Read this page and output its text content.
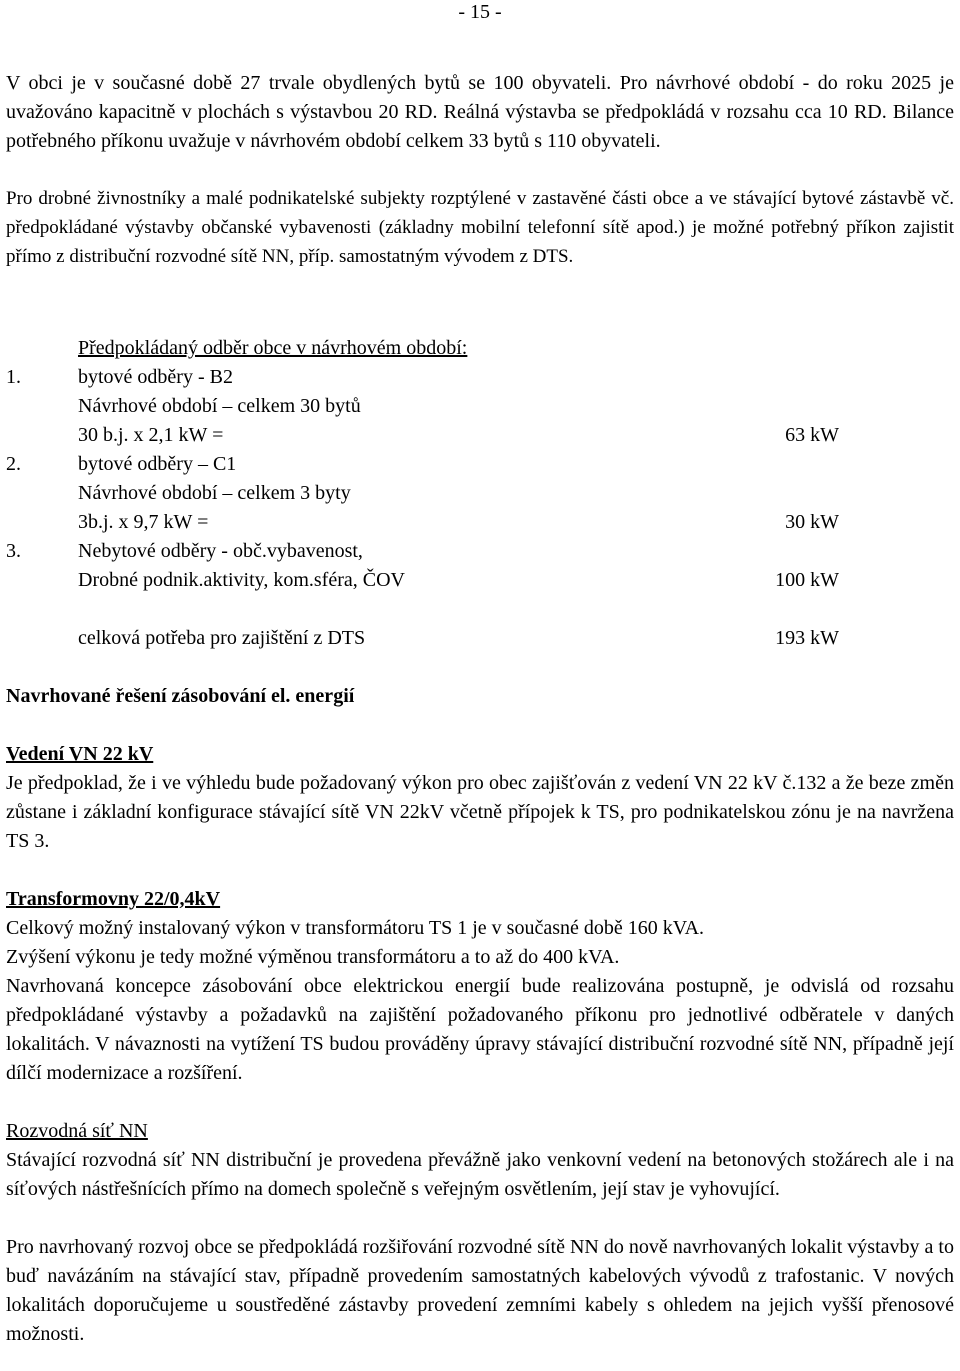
- 15 -
V obci je v současné době 27 trvale obydlených bytů se 100 obyvateli. Pro návrhové období - do roku 2025 je uvažováno kapacitně v plochách s výstavbou 20 RD. Reálná výstavba se předpokládá v rozsahu cca 10 RD. Bilance potřebného příkonu uvažuje v návrhovém období celkem 33 bytů s 110 obyvateli.
Pro drobné živnostníky a malé podnikatelské subjekty rozptýlené v zastavěné části obce a ve stávající bytové zástavbě vč. předpokládané výstavby občanské vybavenosti (základny mobilní telefonní sítě apod.) je možné potřebný příkon zajistit přímo z distribuční rozvodné sítě NN, příp. samostatným vývodem z DTS.
Předpokládaný odběr obce v návrhovém období:
1.	bytové odběry - B2
Návrhové období – celkem 30 bytů
30 b.j. x 2,1 kW =	63 kW
2.	bytové odběry – C1
Návrhové období – celkem 3 byty
3b.j. x 9,7 kW =	30 kW
3.	Nebytové odběry - obč.vybavenost,
Drobné podnik.aktivity, kom.sféra, ČOV	100 kW
celková potřeba pro zajištění z DTS	193 kW
Navrhované řešení zásobování el. energií
Vedení VN 22 kV
Je předpoklad, že i ve výhledu bude požadovaný výkon pro obec zajišťován z vedení VN 22 kV č.132 a že beze změn zůstane i základní konfigurace stávající sítě VN 22kV včetně přípojek k TS, pro podnikatelskou zónu je na navržena TS 3.
Transformovny 22/0,4kV
Celkový možný instalovaný výkon v transformátoru TS 1 je v současné době 160 kVA.
Zvýšení výkonu je tedy možné výměnou transformátoru a to až do 400 kVA.
Navrhovaná koncepce zásobování obce elektrickou energií bude realizována postupně, je odvislá od rozsahu předpokládané výstavby a požadavků na zajištění požadovaného příkonu pro jednotlivé odběratele v daných lokalitách. V návaznosti na vytížení TS budou prováděny úpravy stávající distribuční rozvodné sítě NN, případně její dílčí modernizace a rozšíření.
Rozvodná síť NN
Stávající rozvodná síť NN distribuční je provedena převážně jako venkovní vedení na betonových stožárech ale i na síťových nástřešnících přímo na domech společně s veřejným osvětlením, její stav je vyhovující.
Pro navrhovaný rozvoj obce se předpokládá rozšiřování rozvodné sítě NN do nově navrhovaných lokalit výstavby a to buď navázáním na stávající stav, případně provedením samostatných kabelových vývodů z trafostanic. V nových lokalitách doporučujeme u soustředěné zástavby provedení zemními kabely s ohledem na jejich vyšší přenosové možnosti.
